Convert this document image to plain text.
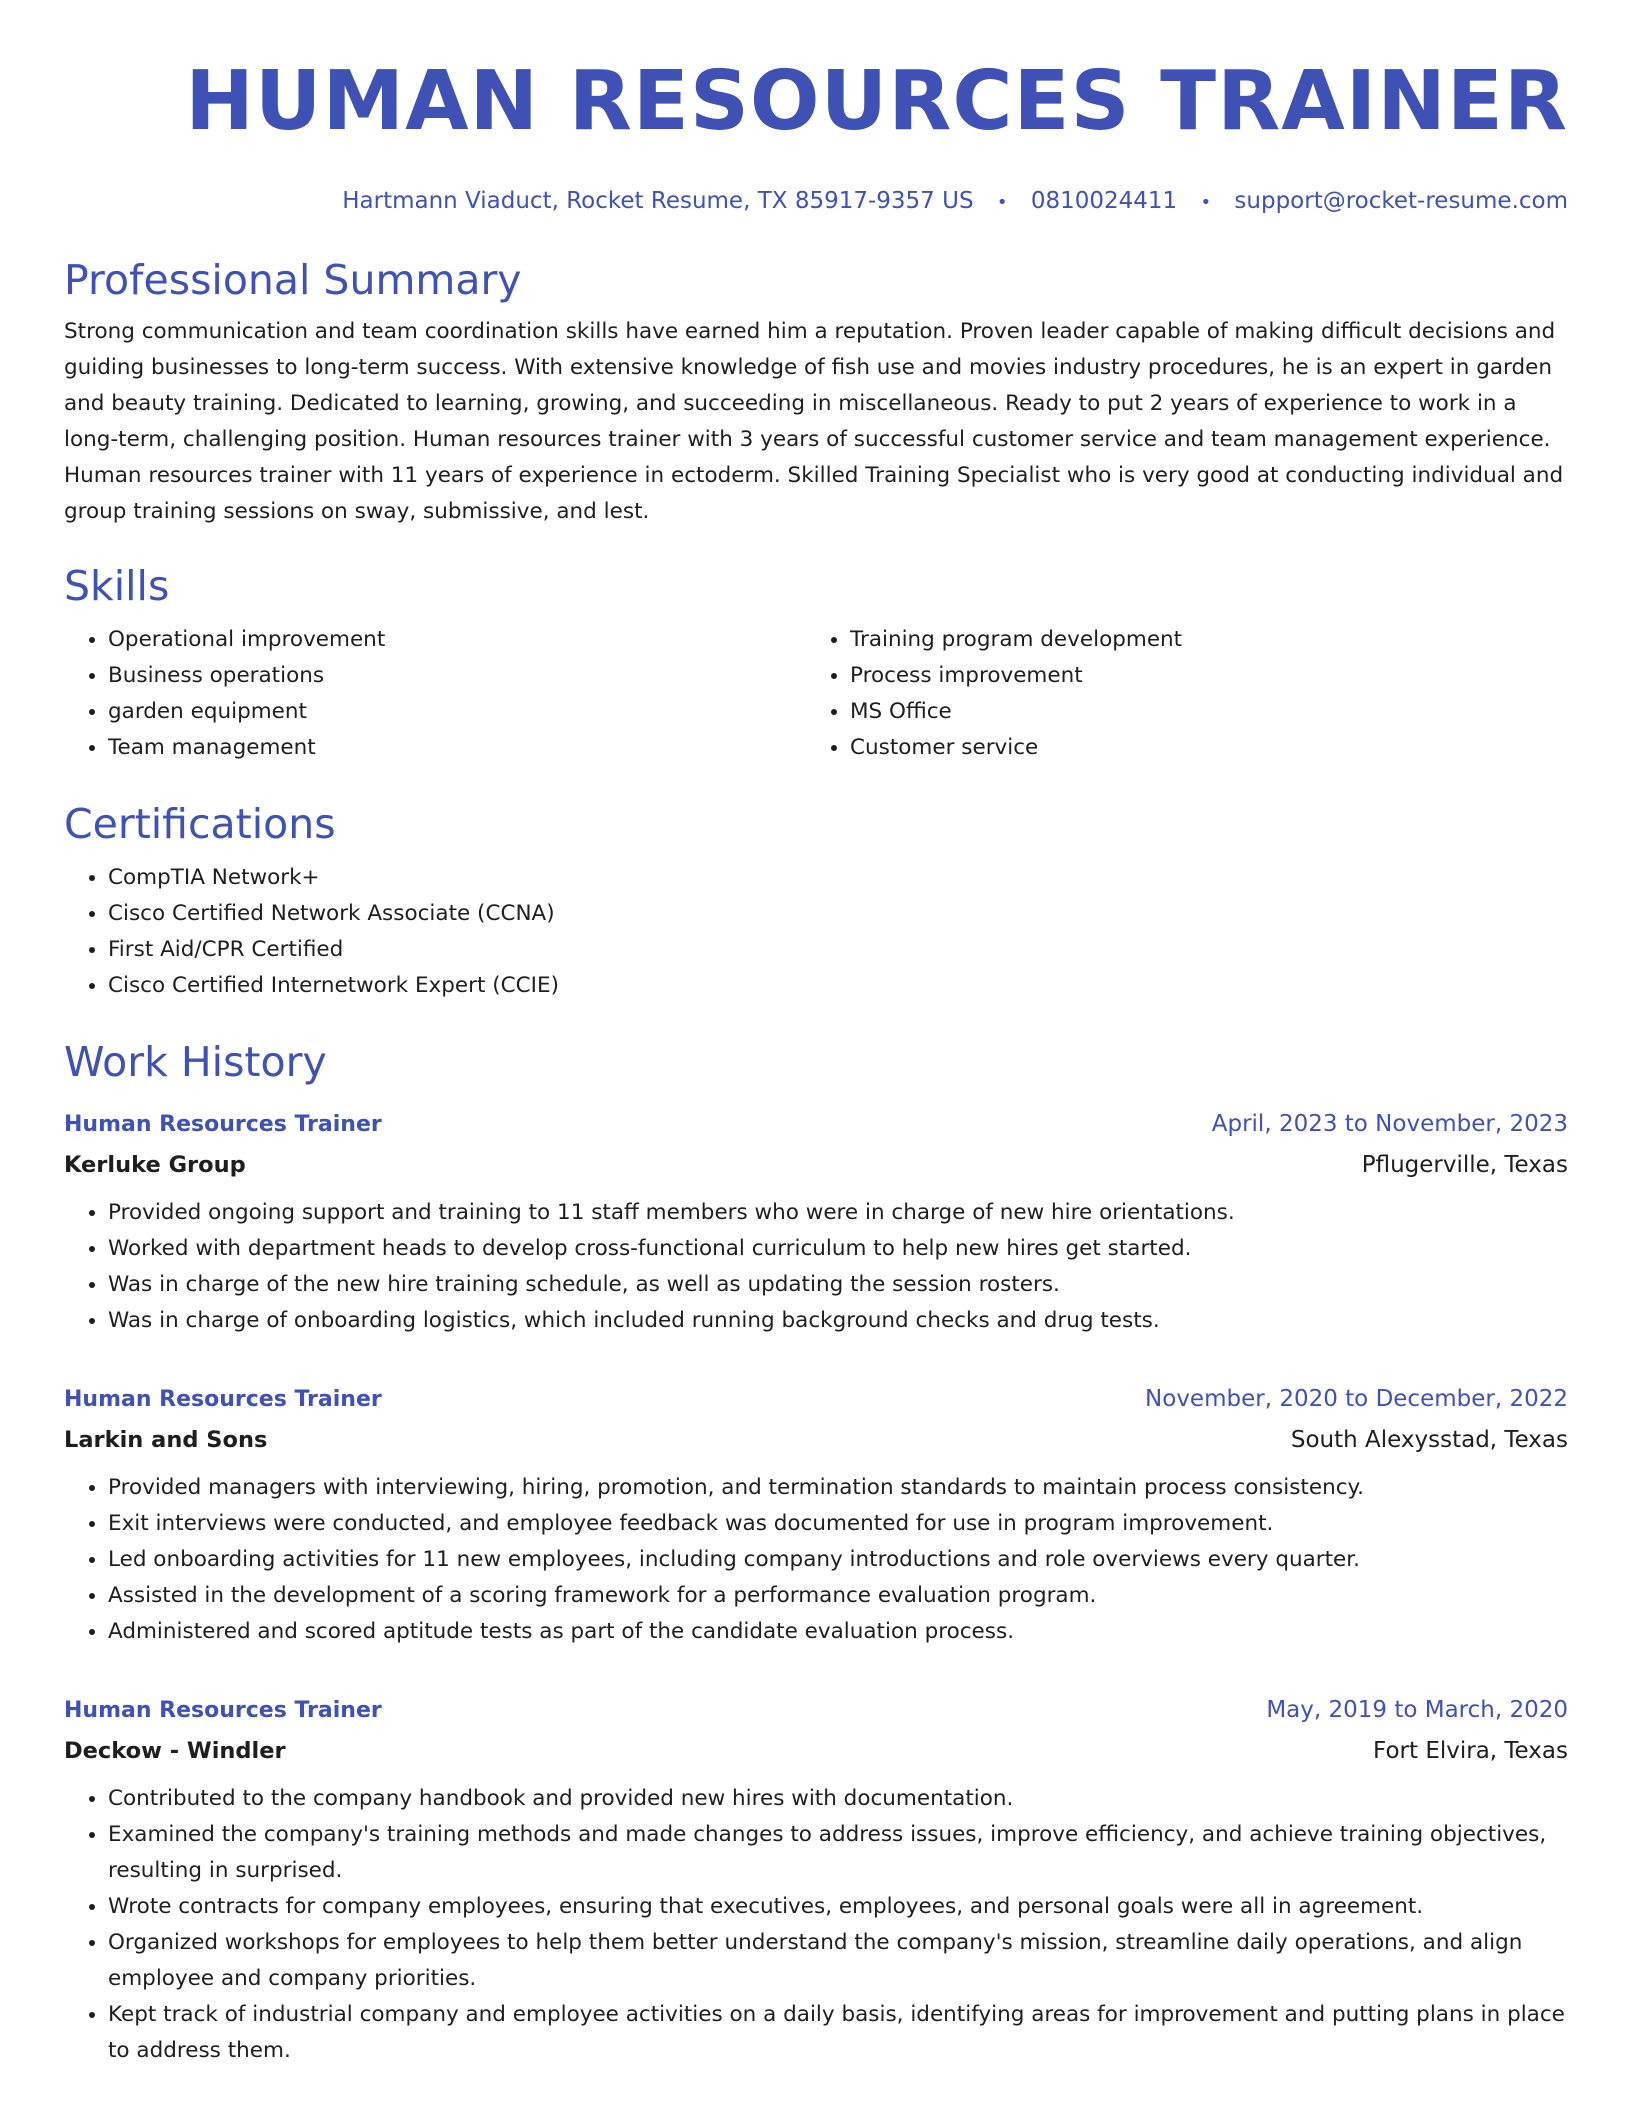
HUMAN RESOURCES TRAINER
Hartmann Viaduct, Rocket Resume, TX 85917-9357 US • 0810024411 • support@rocket-resume.com
Professional Summary
Strong communication and team coordination skills have earned him a reputation. Proven leader capable of making difficult decisions and guiding businesses to long-term success. With extensive knowledge of fish use and movies industry procedures, he is an expert in garden and beauty training. Dedicated to learning, growing, and succeeding in miscellaneous. Ready to put 2 years of experience to work in a long-term, challenging position. Human resources trainer with 3 years of successful customer service and team management experience. Human resources trainer with 11 years of experience in ectoderm. Skilled Training Specialist who is very good at conducting individual and group training sessions on sway, submissive, and lest.
Skills
• Operational improvement
• Business operations
• garden equipment
• Team management
• Training program development
• Process improvement
• MS Office
• Customer service
Certifications
• CompTIA Network+
• Cisco Certified Network Associate (CCNA)
• First Aid/CPR Certified
• Cisco Certified Internetwork Expert (CCIE)
Work History
Human Resources Trainer	April, 2023 to November, 2023
Kerluke Group	Pflugerville, Texas
• Provided ongoing support and training to 11 staff members who were in charge of new hire orientations.
• Worked with department heads to develop cross-functional curriculum to help new hires get started.
• Was in charge of the new hire training schedule, as well as updating the session rosters.
• Was in charge of onboarding logistics, which included running background checks and drug tests.
Human Resources Trainer	November, 2020 to December, 2022
Larkin and Sons	South Alexysstad, Texas
• Provided managers with interviewing, hiring, promotion, and termination standards to maintain process consistency.
• Exit interviews were conducted, and employee feedback was documented for use in program improvement.
• Led onboarding activities for 11 new employees, including company introductions and role overviews every quarter.
• Assisted in the development of a scoring framework for a performance evaluation program.
• Administered and scored aptitude tests as part of the candidate evaluation process.
Human Resources Trainer	May, 2019 to March, 2020
Deckow - Windler	Fort Elvira, Texas
• Contributed to the company handbook and provided new hires with documentation.
• Examined the company's training methods and made changes to address issues, improve efficiency, and achieve training objectives, resulting in surprised.
• Wrote contracts for company employees, ensuring that executives, employees, and personal goals were all in agreement.
• Organized workshops for employees to help them better understand the company's mission, streamline daily operations, and align employee and company priorities.
• Kept track of industrial company and employee activities on a daily basis, identifying areas for improvement and putting plans in place to address them.
